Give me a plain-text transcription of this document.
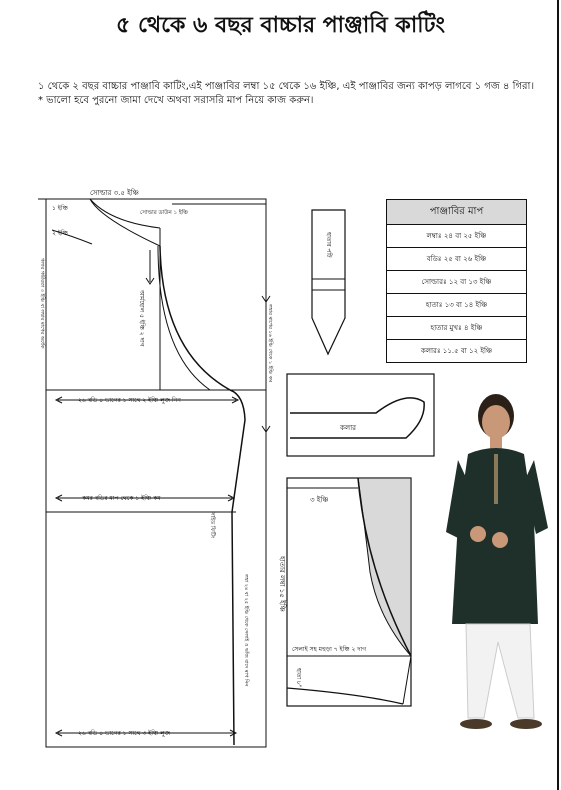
৫ থেকে ৬ বছর বাচ্চার পাঞ্জাবি কাটিং
১ থেকে ২ বছর বাচ্চার পাঞ্জাবি কাটিং,এই পাঞ্জাবির লম্বা ১৫ থেকে ১৬ ইঞ্চি, এই পাঞ্জাবির জন্য কাপড় লাগবে ১ গজ ৪ গিরা।
* ভালো হবে পুরনো জামা দেখে অথবা সরাসরি মাপ নিয়ে কাজ করুন।
সোল্ডার ৩.৫ ইঞ্চি
১ ইঞ্চি
২ ইঞ্চি
সোল্ডার ডাউন ১ ইঞ্চি
আর্মহোল ৫ ইঞ্চি ২ দাগ
২৬ বডি ৪ ভাগের ১ সাথে ২ ইঞ্চি লুজ নিন
কমর বডির মাপ থেকে ১ ইঞ্চি কম
২৬ বডি ৪ ভাগের ১ সাথে ৩ ইঞ্চি লুজ
গলার গভীরতা ৩ ইঞ্চি বা লম্বার মাপের অর্ধেক	লম্বার মাপের ১৬ ইঞ্চি থেকে ১ ইঞ্চি কম
সাইড ফিটিং
লম্বা ২৪ বা ২৫ ইঞ্চি থেকে সেলাই ও ভাঁজ বাদে মাপ নিন
হাতার পটি
কলার
৩ ইঞ্চি
হাতার লম্বা ১৫ ইঞ্চি
সেলাই সহ মহুড়া ৭ ইঞ্চি ২ দাগ
হাতা ৮"
পাঞ্জাবির মাপ
লম্বাঃ ২৪ বা ২৫ ইঞ্চি
বডিঃ ২৫ বা ২৬ ইঞ্চি
সোল্ডারঃ ১২ বা ১৩ ইঞ্চি
হাতাঃ ১৩ বা ১৪ ইঞ্চি
হাতার মুখঃ ৪ ইঞ্চি
কলারঃ ১১.৫ বা ১২ ইঞ্চি
